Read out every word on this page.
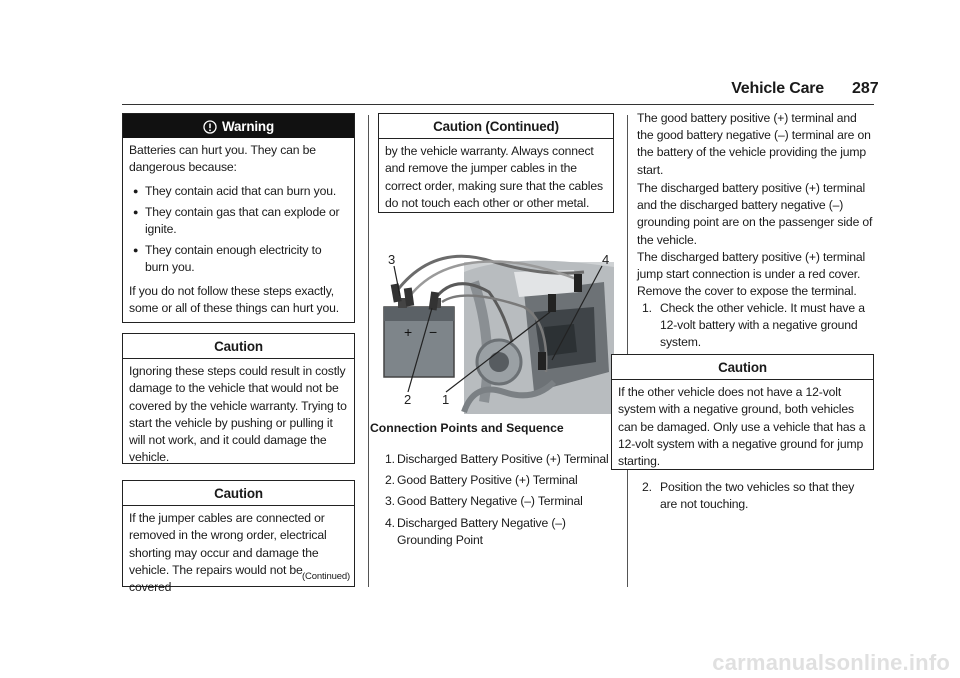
Vehicle Care 287
Warning

Batteries can hurt you. They can be dangerous because:

● They contain acid that can burn you.
● They contain gas that can explode or ignite.
● They contain enough electricity to burn you.

If you do not follow these steps exactly, some or all of these things can hurt you.

Caution
Ignoring these steps could result in costly damage to the vehicle that would not be covered by the vehicle warranty. Trying to start the vehicle by pushing or pulling it will not work, and it could damage the vehicle.
Caution
If the jumper cables are connected or removed in the wrong order, electrical shorting may occur and damage the vehicle. The repairs would not be covered
(Continued)
Caution (Continued)
by the vehicle warranty. Always connect and remove the jumper cables in the correct order, making sure that the cables do not touch each other or other metal.
+ −
3	4
2 1
Connection Points and Sequence
1. Discharged Battery Positive (+) Terminal
2. Good Battery Positive (+) Terminal
3. Good Battery Negative (–) Terminal
4. Discharged Battery Negative (–) Grounding Point

The good battery positive (+) terminal and the good battery negative (–) terminal are on the battery of the vehicle providing the jump start.

The discharged battery positive (+) terminal and the discharged battery negative (–) grounding point are on the passenger side of the vehicle.

The discharged battery positive (+) terminal jump start connection is under a red cover. Remove the cover to expose the terminal.

1. Check the other vehicle. It must have a 12-volt battery with a negative ground system.
Caution
If the other vehicle does not have a 12-volt system with a negative ground, both vehicles can be damaged. Only use a vehicle that has a 12-volt system with a negative ground for jump starting.
2. Position the two vehicles so that they are not touching.
carmanualsonline.info
